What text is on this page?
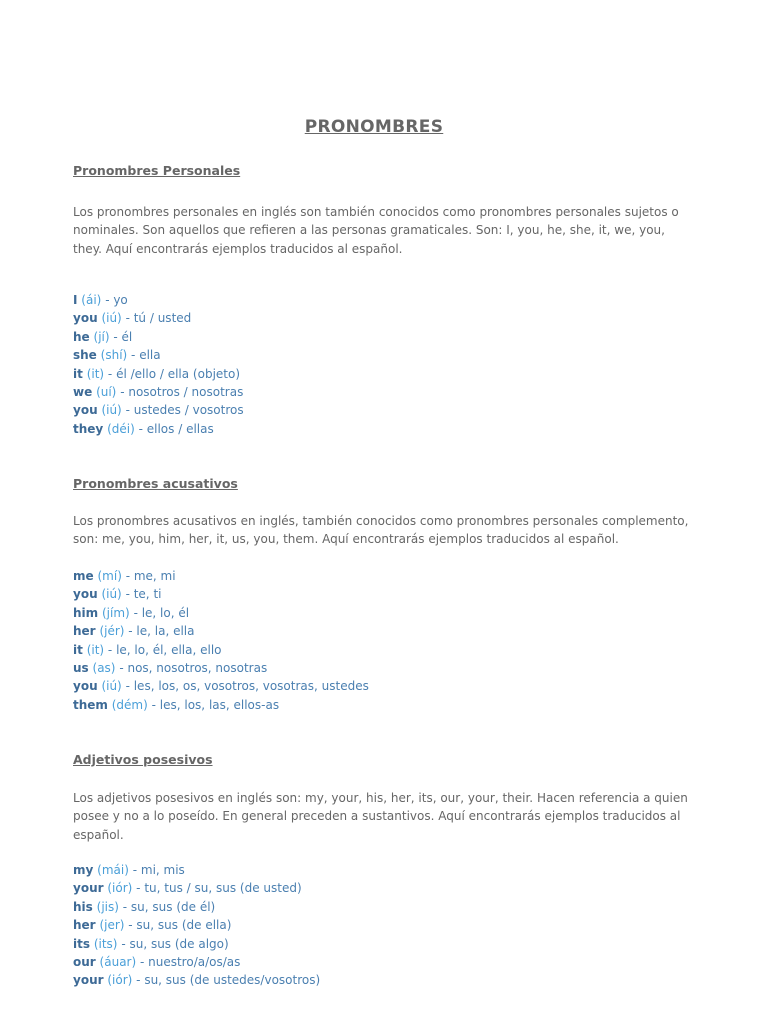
PRONOMBRES
Pronombres Personales
Los pronombres personales en inglés son también conocidos como pronombres personales sujetos o nominales. Son aquellos que refieren a las personas gramaticales. Son: I, you, he, she, it, we, you, they. Aquí encontrarás ejemplos traducidos al español.
I (ái) - yo
you (iú) - tú / usted
he (jí) - él
she (shí) - ella
it (it) - él /ello / ella (objeto)
we (uí) - nosotros / nosotras
you (iú) - ustedes / vosotros
they (déi) - ellos / ellas
Pronombres acusativos
Los pronombres acusativos en inglés, también conocidos como pronombres personales complemento, son: me, you, him, her, it, us, you, them. Aquí encontrarás ejemplos traducidos al español.
me (mí) - me, mi
you (iú) - te, ti
him (jím) - le, lo, él
her (jér) - le, la, ella
it (it) - le, lo, él, ella, ello
us (as) - nos, nosotros, nosotras
you (iú) - les, los, os, vosotros, vosotras, ustedes
them (dém) - les, los, las, ellos-as
Adjetivos posesivos
Los adjetivos posesivos en inglés son: my, your, his, her, its, our, your, their. Hacen referencia a quien posee y no a lo poseído. En general preceden a sustantivos. Aquí encontrarás ejemplos traducidos al español.
my (mái) - mi, mis
your (iór) - tu, tus / su, sus (de usted)
his (jis) - su, sus (de él)
her (jer) - su, sus (de ella)
its (its) - su, sus (de algo)
our (áuar) - nuestro/a/os/as
your (iór) - su, sus (de ustedes/vosotros)
